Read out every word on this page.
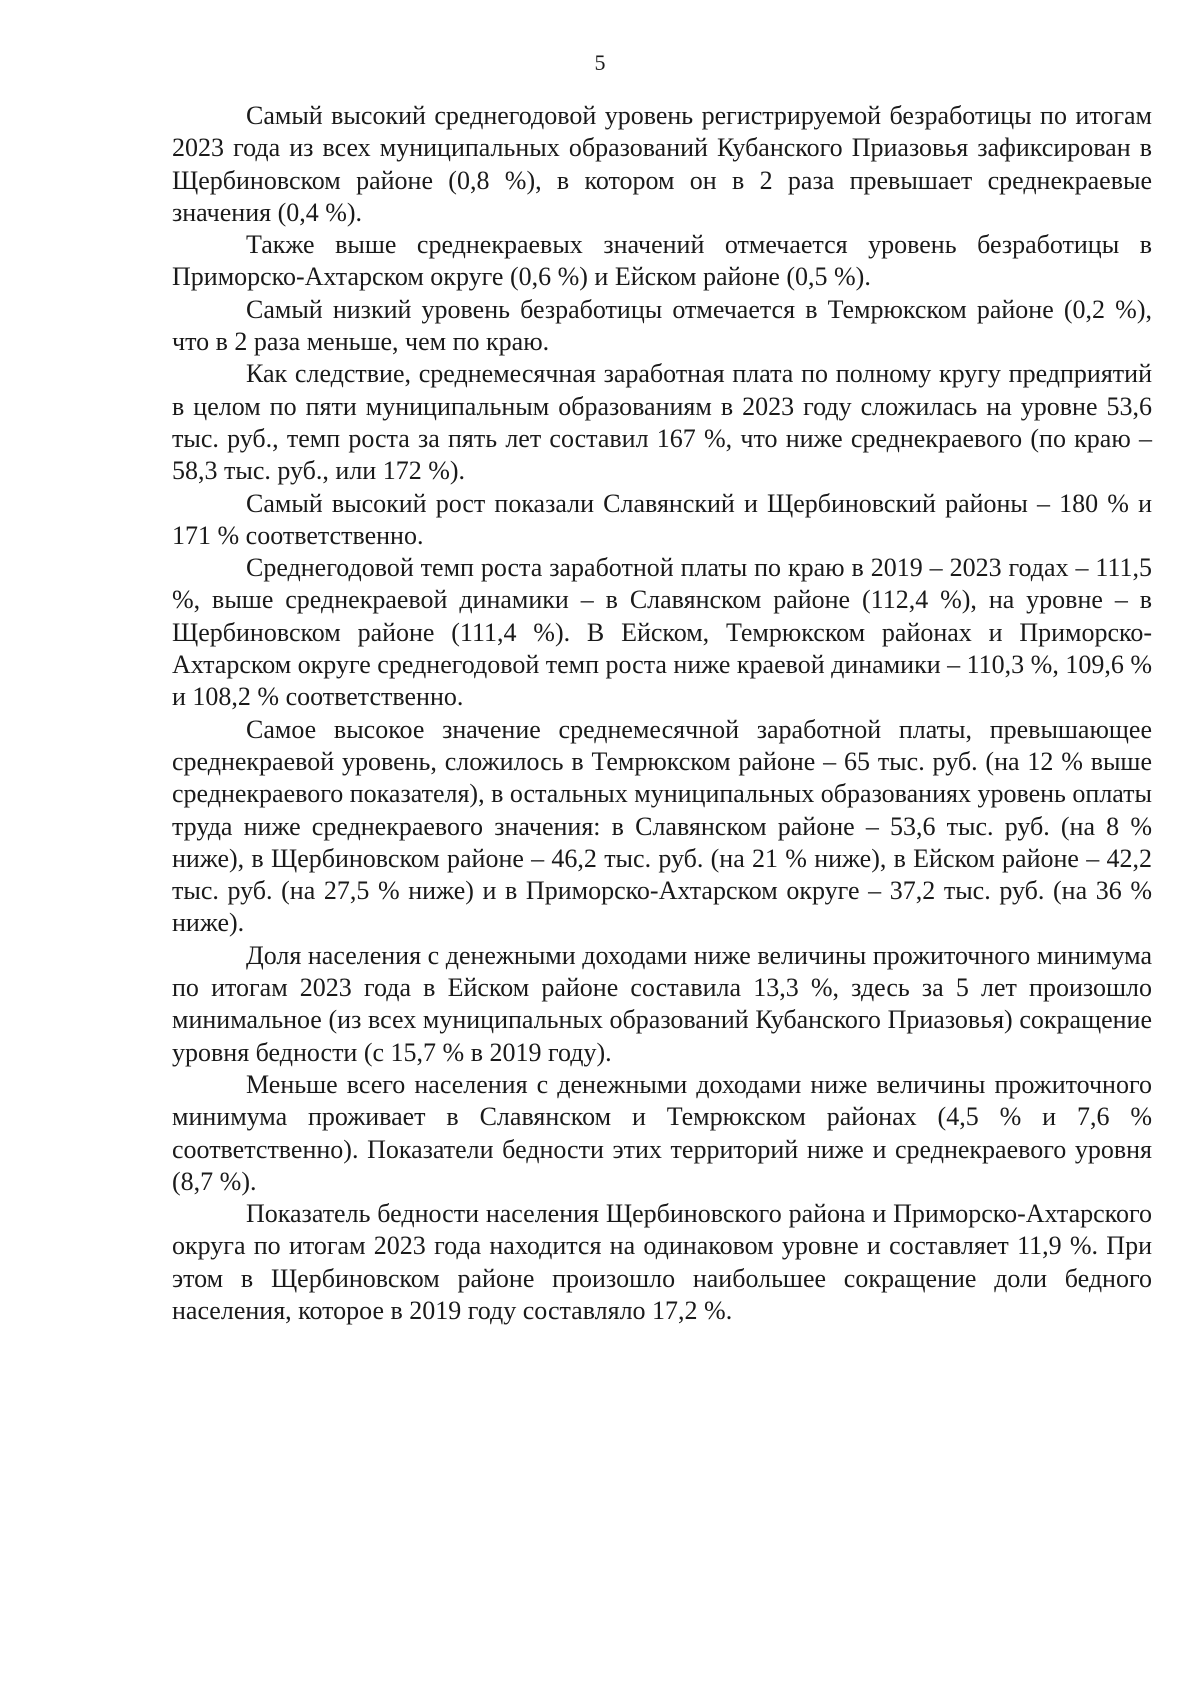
5

Самый высокий среднегодовой уровень регистрируемой безработицы по итогам 2023 года из всех муниципальных образований Кубанского Приазовья зафиксирован в Щербиновском районе (0,8 %), в котором он в 2 раза превышает среднекраевые значения (0,4 %).

Также выше среднекраевых значений отмечается уровень безработицы в Приморско-Ахтарском округе (0,6 %) и Ейском районе (0,5 %).

Самый низкий уровень безработицы отмечается в Темрюкском районе (0,2 %), что в 2 раза меньше, чем по краю.

Как следствие, среднемесячная заработная плата по полному кругу предприятий в целом по пяти муниципальным образованиям в 2023 году сложилась на уровне 53,6 тыс. руб., темп роста за пять лет составил 167 %, что ниже среднекраевого (по краю – 58,3 тыс. руб., или 172 %).

Самый высокий рост показали Славянский и Щербиновский районы – 180 % и 171 % соответственно.

Среднегодовой темп роста заработной платы по краю в 2019 – 2023 годах – 111,5 %, выше среднекраевой динамики – в Славянском районе (112,4 %), на уровне – в Щербиновском районе (111,4 %). В Ейском, Темрюкском районах и Приморско-Ахтарском округе среднегодовой темп роста ниже краевой динамики – 110,3 %, 109,6 % и 108,2 % соответственно.

Самое высокое значение среднемесячной заработной платы, превышающее среднекраевой уровень, сложилось в Темрюкском районе – 65 тыс. руб. (на 12 % выше среднекраевого показателя), в остальных муниципальных образованиях уровень оплаты труда ниже среднекраевого значения: в Славянском районе – 53,6 тыс. руб. (на 8 % ниже), в Щербиновском районе – 46,2 тыс. руб. (на 21 % ниже), в Ейском районе – 42,2 тыс. руб. (на 27,5 % ниже) и в Приморско-Ахтарском округе – 37,2 тыс. руб. (на 36 % ниже).

Доля населения с денежными доходами ниже величины прожиточного минимума по итогам 2023 года в Ейском районе составила 13,3 %, здесь за 5 лет произошло минимальное (из всех муниципальных образований Кубанского Приазовья) сокращение уровня бедности (с 15,7 % в 2019 году).

Меньше всего населения с денежными доходами ниже величины прожиточного минимума проживает в Славянском и Темрюкском районах (4,5 % и 7,6 % соответственно). Показатели бедности этих территорий ниже и среднекраевого уровня (8,7 %).

Показатель бедности населения Щербиновского района и Приморско-Ахтарского округа по итогам 2023 года находится на одинаковом уровне и составляет 11,9 %. При этом в Щербиновском районе произошло наибольшее сокращение доли бедного населения, которое в 2019 году составляло 17,2 %.
